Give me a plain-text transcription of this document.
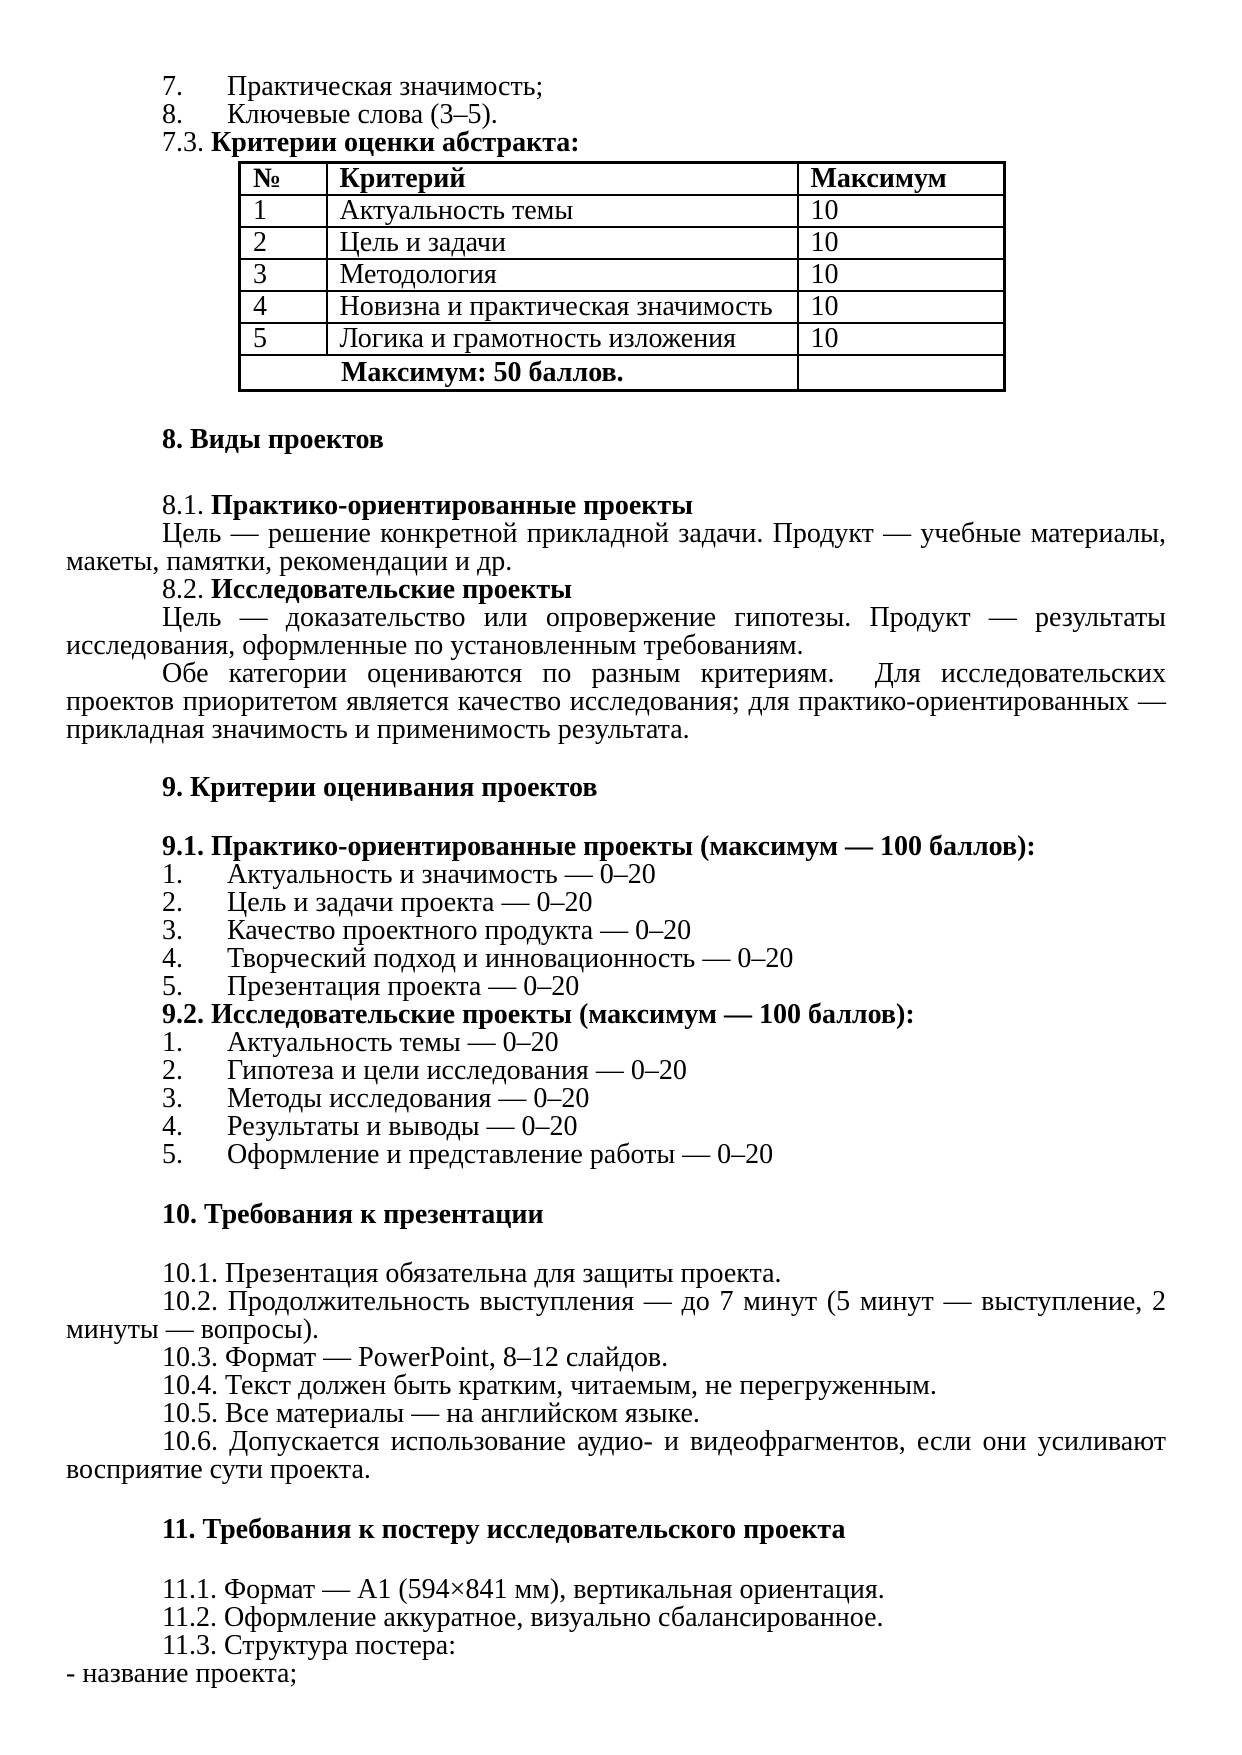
7.	Практическая значимость;
8.	Ключевые слова (3–5).
7.3. Критерии оценки абстракта:
№	Критерий	Максимум
1	Актуальность темы	10
2	Цель и задачи	10
3	Методология	10
4	Новизна и практическая значимость	10
5	Логика и грамотность изложения	10
Максимум: 50 баллов.		
8. Виды проектов
8.1. Практико-ориентированные проекты
Цель — решение конкретной прикладной задачи. Продукт — учебные материалы, макеты, памятки, рекомендации и др.
8.2. Исследовательские проекты
Цель — доказательство или опровержение гипотезы. Продукт — результаты исследования, оформленные по установленным требованиям.
Обе категории оцениваются по разным критериям.  Для исследовательских проектов приоритетом является качество исследования; для практико-ориентированных — прикладная значимость и применимость результата.
9. Критерии оценивания проектов
9.1. Практико-ориентированные проекты (максимум — 100 баллов):
1.	Актуальность и значимость — 0–20
2.	Цель и задачи проекта — 0–20
3.	Качество проектного продукта — 0–20
4.	Творческий подход и инновационность — 0–20
5.	Презентация проекта — 0–20
9.2. Исследовательские проекты (максимум — 100 баллов):
1.	Актуальность темы — 0–20
2.	Гипотеза и цели исследования — 0–20
3.	Методы исследования — 0–20
4.	Результаты и выводы — 0–20
5.	Оформление и представление работы — 0–20
10. Требования к презентации
10.1. Презентация обязательна для защиты проекта.
10.2. Продолжительность выступления — до 7 минут (5 минут — выступление, 2 минуты — вопросы).
10.3. Формат — PowerPoint, 8–12 слайдов.
10.4. Текст должен быть кратким, читаемым, не перегруженным.
10.5. Все материалы — на английском языке.
10.6. Допускается использование аудио- и видеофрагментов, если они усиливают восприятие сути проекта.
11. Требования к постеру исследовательского проекта
11.1. Формат — A1 (594×841 мм), вертикальная ориентация.
11.2. Оформление аккуратное, визуально сбалансированное.
11.3. Структура постера:
- название проекта;
